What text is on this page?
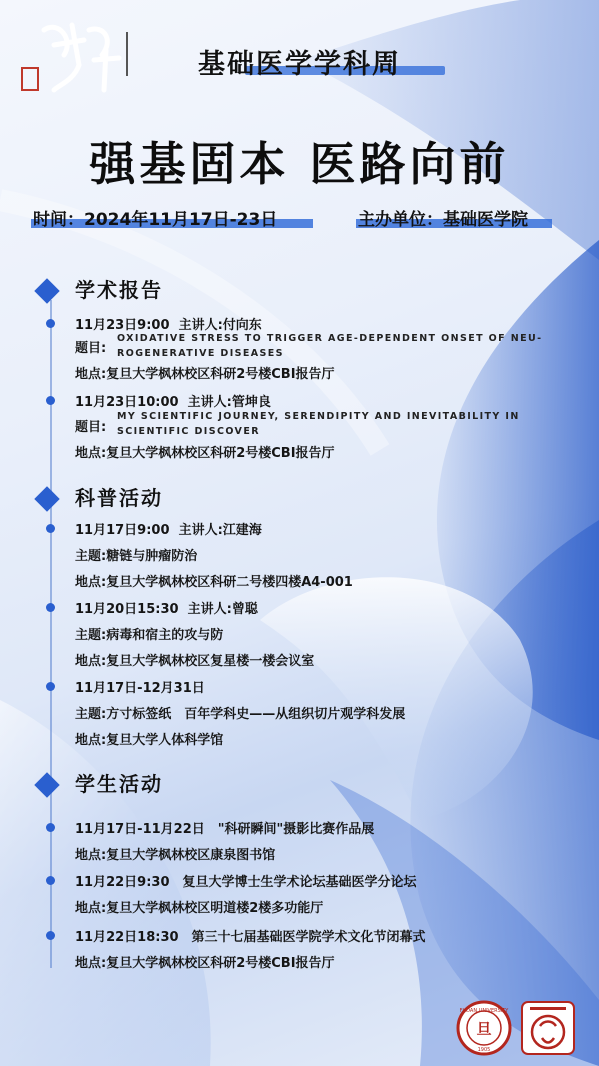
基础医学学科周
强基固本 医路向前
时间：2024年11月17日-23日	主办单位：基础医学院
学术报告
11月23日9:00 主讲人:付向东
题目:
OXIDATIVE STRESS TO TRIGGER AGE-DEPENDENT ONSET OF NEU-
ROGENERATIVE DISEASES
地点:复旦大学枫林校区科研2号楼CBI报告厅
11月23日10:00 主讲人:管坤良
题目:
MY SCIENTIFIC JOURNEY, SERENDIPITY AND INEVITABILITY IN
SCIENTIFIC DISCOVER
地点:复旦大学枫林校区科研2号楼CBI报告厅
科普活动
11月17日9:00 主讲人:江建海
主题:糖链与肿瘤防治
地点:复旦大学枫林校区科研二号楼四楼A4-001
11月20日15:30 主讲人:曾聪
主题:病毒和宿主的攻与防
地点:复旦大学枫林校区复星楼一楼会议室
11月17日-12月31日
主题:方寸标签纸　百年学科史——从组织切片观学科发展
地点:复旦大学人体科学馆
学生活动
11月17日-11月22日　"科研瞬间"摄影比赛作品展
地点:复旦大学枫林校区康泉图书馆
11月22日9:30　复旦大学博士生学术论坛基础医学分论坛
地点:复旦大学枫林校区明道楼2楼多功能厅
11月22日18:30　第三十七届基础医学院学术文化节闭幕式
地点:复旦大学枫林校区科研2号楼CBI报告厅
旦
FUDAN UNIVERSITY
1905
